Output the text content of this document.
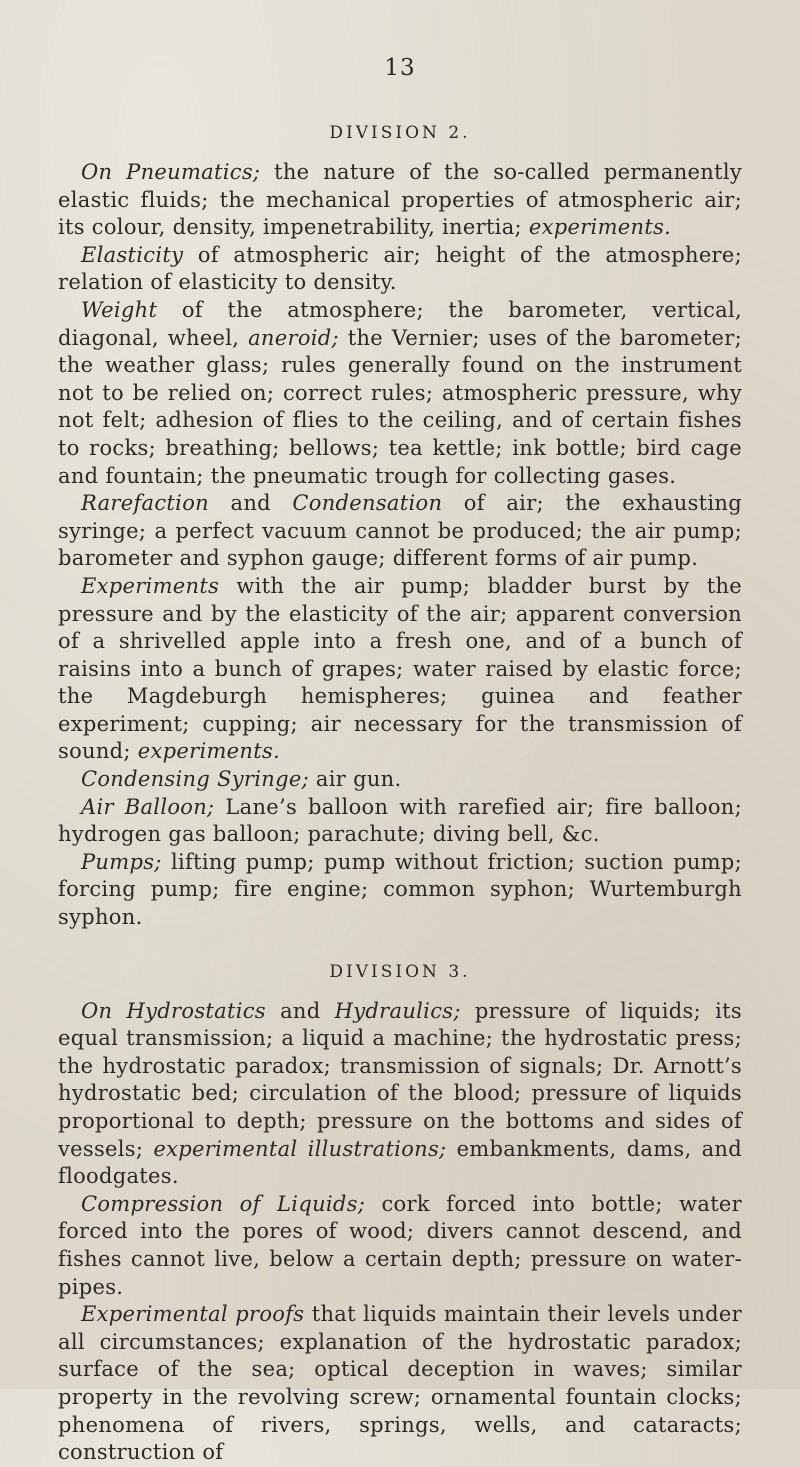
13
DIVISION 2.
On Pneumatics; the nature of the so-called permanently elastic fluids; the mechanical properties of atmospheric air; its colour, density, impenetrability, inertia; experiments.
Elasticity of atmospheric air; height of the atmosphere; relation of elasticity to density.
Weight of the atmosphere; the barometer, vertical, diagonal, wheel, aneroid; the Vernier; uses of the barometer; the weather glass; rules generally found on the instrument not to be relied on; correct rules; atmospheric pressure, why not felt; adhesion of flies to the ceiling, and of certain fishes to rocks; breathing; bellows; tea kettle; ink bottle; bird cage and fountain; the pneumatic trough for collecting gases.
Rarefaction and Condensation of air; the exhausting syringe; a perfect vacuum cannot be produced; the air pump; barometer and syphon gauge; different forms of air pump.
Experiments with the air pump; bladder burst by the pressure and by the elasticity of the air; apparent conversion of a shrivelled apple into a fresh one, and of a bunch of raisins into a bunch of grapes; water raised by elastic force; the Magdeburgh hemispheres; guinea and feather experiment; cupping; air necessary for the transmission of sound; experiments.
Condensing Syringe; air gun.
Air Balloon; Lane’s balloon with rarefied air; fire balloon; hydrogen gas balloon; parachute; diving bell, &c.
Pumps; lifting pump; pump without friction; suction pump; forcing pump; fire engine; common syphon; Wurtemburgh syphon.
DIVISION 3.
On Hydrostatics and Hydraulics; pressure of liquids; its equal transmission; a liquid a machine; the hydrostatic press; the hydrostatic paradox; transmission of signals; Dr. Arnott’s hydrostatic bed; circulation of the blood; pressure of liquids proportional to depth; pressure on the bottoms and sides of vessels; experimental illustrations; embankments, dams, and floodgates.
Compression of Liquids; cork forced into bottle; water forced into the pores of wood; divers cannot descend, and fishes cannot live, below a certain depth; pressure on water-pipes.
Experimental proofs that liquids maintain their levels under all circumstances; explanation of the hydrostatic paradox; surface of the sea; optical deception in waves; similar property in the revolving screw; ornamental fountain clocks; phenomena of rivers, springs, wells, and cataracts; construction of
